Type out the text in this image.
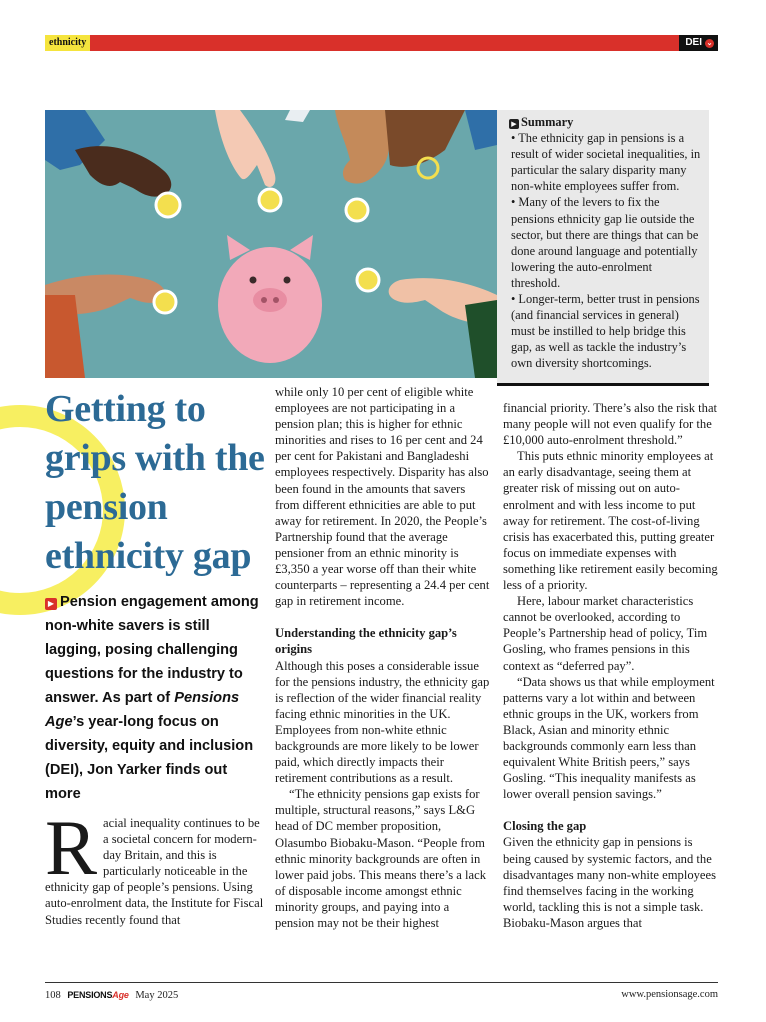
ethnicity	DEI ⌄
▶ Summary

• The ethnicity gap in pensions is a result of wider societal inequalities, in particular the salary disparity many non-white employees suffer from.

• Many of the levers to fix the pensions ethnicity gap lie outside the sector, but there are things that can be done around language and potentially lowering the auto-enrolment threshold.

• Longer-term, better trust in pensions (and financial services in general) must be instilled to help bridge this gap, as well as tackle the industry’s own diversity shortcomings.

Getting to grips with the pension ethnicity gap
▶ Pension engagement among non-white savers is still lagging, posing challenging questions for the industry to answer. As part of Pensions Age’s year-long focus on diversity, equity and inclusion (DEI), Jon Yarker finds out more
R acial inequality continues to be a societal concern for modern-day Britain, and this is particularly noticeable in the ethnicity gap of people’s pensions. Using auto-enrolment data, the Institute for Fiscal Studies recently found that

while only 10 per cent of eligible white employees are not participating in a pension plan; this is higher for ethnic minorities and rises to 16 per cent and 24 per cent for Pakistani and Bangladeshi employees respectively. Disparity has also been found in the amounts that savers from different ethnicities are able to put away for retirement. In 2020, the People’s Partnership found that the average pensioner from an ethnic minority is £3,350 a year worse off than their white counterparts – representing a 24.4 per cent gap in retirement income.

Understanding the ethnicity gap’s origins

Although this poses a considerable issue for the pensions industry, the ethnicity gap is reflection of the wider financial reality facing ethnic minorities in the UK. Employees from non-white ethnic backgrounds are more likely to be lower paid, which directly impacts their retirement contributions as a result.

“The ethnicity pensions gap exists for multiple, structural reasons,” says L&G head of DC member proposition, Olasumbo Biobaku-Mason. “People from ethnic minority backgrounds are often in lower paid jobs. This means there’s a lack of disposable income amongst ethnic minority groups, and paying into a pension may not be their highest

financial priority. There’s also the risk that many people will not even qualify for the £10,000 auto-enrolment threshold.”

This puts ethnic minority employees at an early disadvantage, seeing them at greater risk of missing out on auto-enrolment and with less income to put away for retirement. The cost-of-living crisis has exacerbated this, putting greater focus on immediate expenses with something like retirement easily becoming less of a priority.

Here, labour market characteristics cannot be overlooked, according to People’s Partnership head of policy, Tim Gosling, who frames pensions in this context as “deferred pay”.

“Data shows us that while employment patterns vary a lot within and between ethnic groups in the UK, workers from Black, Asian and minority ethnic backgrounds commonly earn less than equivalent White British peers,” says Gosling. “This inequality manifests as lower overall pension savings.”

Closing the gap

Given the ethnicity gap in pensions is being caused by systemic factors, and the disadvantages many non-white employees find themselves facing in the working world, tackling this is not a simple task. Biobaku-Mason argues that

108 PENSIONSAge May 2025	www.pensionsage.com
